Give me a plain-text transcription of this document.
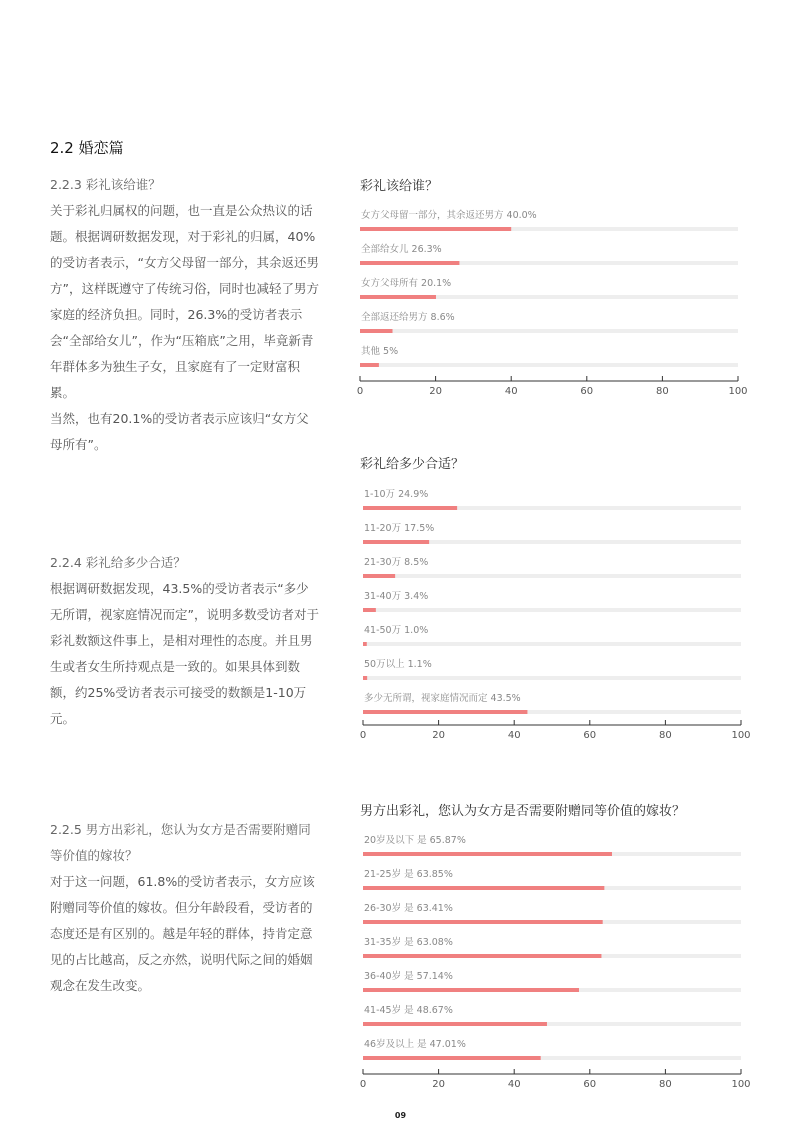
2.2 婚恋篇

2.2.3 彩礼该给谁？

关于彩礼归属权的问题，也一直是公众热议的话题。根据调研数据发现，对于彩礼的归属，40%的受访者表示，“女方父母留一部分，其余返还男方”，这样既遵守了传统习俗，同时也减轻了男方家庭的经济负担。同时，26.3%的受访者表示会“全部给女儿”，作为“压箱底”之用，毕竟新青年群体多为独生子女，且家庭有了一定财富积累。

当然，也有20.1%的受访者表示应该归“女方父母所有”。

2.2.4 彩礼给多少合适？

根据调研数据发现，43.5%的受访者表示“多少无所谓，视家庭情况而定”，说明多数受访者对于彩礼数额这件事上，是相对理性的态度。并且男生或者女生所持观点是一致的。如果具体到数额，约25%受访者表示可接受的数额是1-10万元。

2.2.5 男方出彩礼，您认为女方是否需要附赠同等价值的嫁妆？

对于这一问题，61.8%的受访者表示，女方应该附赠同等价值的嫁妆。但分年龄段看，受访者的态度还是有区别的。越是年轻的群体，持肯定意见的占比越高，反之亦然，说明代际之间的婚姻观念在发生改变。

彩礼该给谁？
女方父母留一部分，其余返还男方 40.0%
全部给女儿 26.3%
女方父母所有 20.1%
全部返还给男方 8.6%
其他 5%
0	20	40	60	80	100
彩礼给多少合适？
1-10万 24.9%
11-20万 17.5%
21-30万 8.5%
31-40万 3.4%
41-50万 1.0%
50万以上 1.1%
多少无所谓，视家庭情况而定 43.5%
0	20	40	60	80	100
男方出彩礼，您认为女方是否需要附赠同等价值的嫁妆？
20岁及以下 是 65.87%
21-25岁 是 63.85%
26-30岁 是 63.41%
31-35岁 是 63.08%
36-40岁 是 57.14%
41-45岁 是 48.67%
46岁及以上 是 47.01%
0	20	40	60	80	100
09
